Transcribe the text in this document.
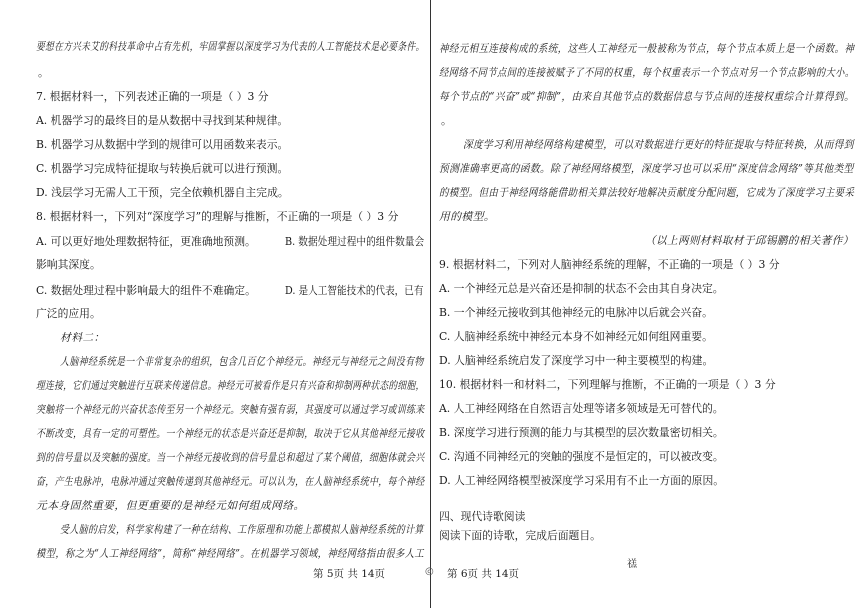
要想在方兴未艾的科技革命中占有先机，牢固掌握以深度学习为代表的人工智能技术是必要条件。
。
7. 根据材料一，下列表述正确的一项是（ ）3 分
A. 机器学习的最终目的是从数据中寻找到某种规律。
B. 机器学习从数据中学到的规律可以用函数来表示。
C. 机器学习完成特征提取与转换后就可以进行预测。
D. 浅层学习无需人工干预，完全依赖机器自主完成。
8. 根据材料一，下列对“深度学习”的理解与推断，不正确的一项是（ ）3 分
A. 可以更好地处理数据特征，更准确地预测。	B. 数据处理过程中的组件数量会
影响其深度。
C. 数据处理过程中影响最大的组件不难确定。	D. 是人工智能技术的代表，已有
广泛的应用。
材料二：
人脑神经系统是一个非常复杂的组织，包含几百亿个神经元。神经元与神经元之间没有物
理连接，它们通过突触进行互联来传递信息。神经元可被看作是只有兴奋和抑制两种状态的细胞，
突触将一个神经元的兴奋状态传至另一个神经元。突触有强有弱，其强度可以通过学习或训练来
不断改变，具有一定的可塑性。一个神经元的状态是兴奋还是抑制，取决于它从其他神经元接收
到的信号量以及突触的强度。当一个神经元接收到的信号量总和超过了某个阈值，细胞体就会兴
奋，产生电脉冲，电脉冲通过突触传递到其他神经元。可以认为，在人脑神经系统中，每个神经
元本身固然重要，但更重要的是神经元如何组成网络。
受人脑的启发，科学家构建了一种在结构、工作原理和功能上都模拟人脑神经系统的计算
模型，称之为“人工神经网络”，简称“神经网络”。在机器学习领域，神经网络指由很多人工
第 5页 共 14页	◎
神经元相互连接构成的系统，这些人工神经元一般被称为节点，每个节点本质上是一个函数。神
经网络不同节点间的连接被赋予了不同的权重，每个权重表示一个节点对另一个节点影响的大小。
每个节点的“兴奋”或“抑制”，由来自其他节点的数据信息与节点间的连接权重综合计算得到。
。
深度学习利用神经网络构建模型，可以对数据进行更好的特征提取与特征转换，从而得到
预测准确率更高的函数。除了神经网络模型，深度学习也可以采用“深度信念网络”等其他类型
的模型。但由于神经网络能借助相关算法较好地解决贡献度分配问题，它成为了深度学习主要采
用的模型。
（以上两则材料取材于邱锡鹏的相关著作）
9. 根据材料二，下列对人脑神经系统的理解，不正确的一项是（ ）3 分
A. 一个神经元总是兴奋还是抑制的状态不会由其自身决定。
B. 一个神经元接收到其他神经元的电脉冲以后就会兴奋。
C. 人脑神经系统中神经元本身不如神经元如何组网重要。
D. 人脑神经系统启发了深度学习中一种主要模型的构建。
10. 根据材料一和材料二，下列理解与推断，不正确的一项是（ ）3 分
A. 人工神经网络在自然语言处理等诸多领域是无可替代的。
B. 深度学习进行预测的能力与其模型的层次数量密切相关。
C. 沟通不同神经元的突触的强度不是恒定的，可以被改变。
D. 人工神经网络模型被深度学习采用有不止一方面的原因。
四、现代诗歌阅读
阅读下面的诗歌，完成后面题目。
禚
第 6页 共 14页
